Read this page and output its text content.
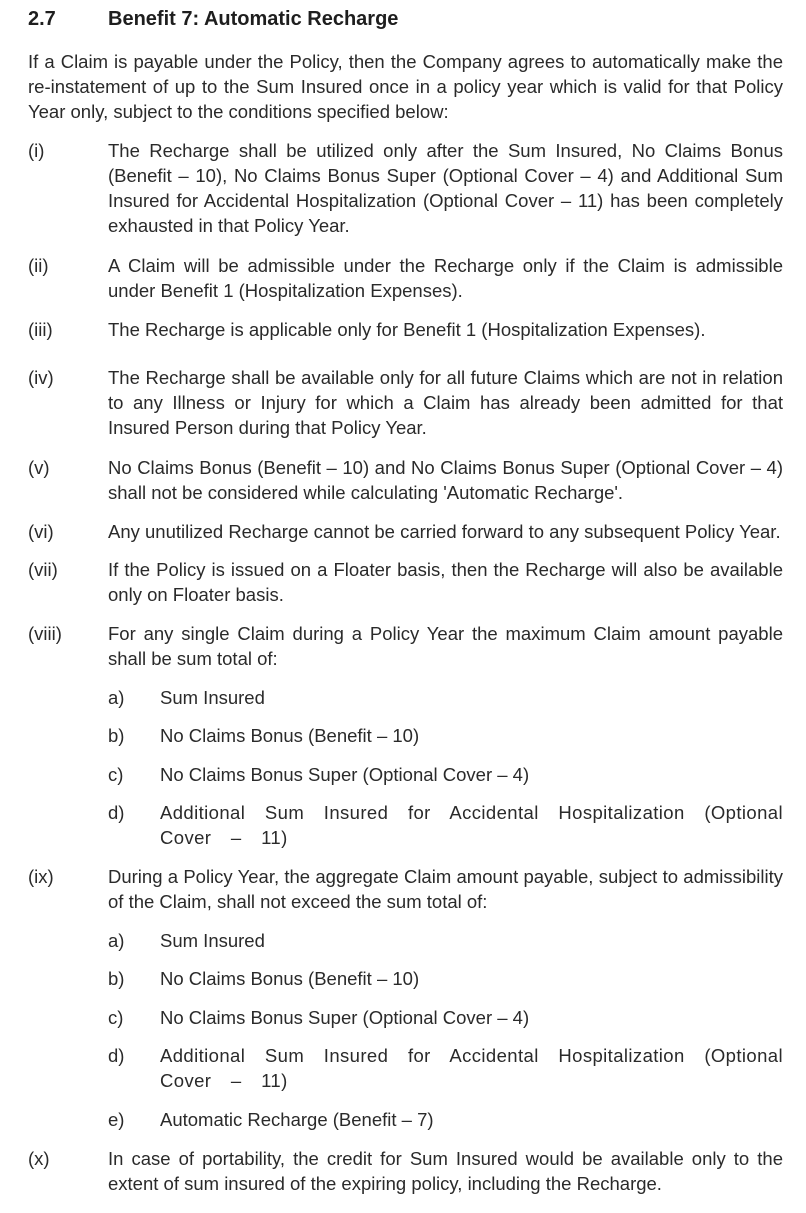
2.7	Benefit 7: Automatic Recharge
If a Claim is payable under the Policy, then the Company agrees to automatically make the re-instatement of up to the Sum Insured once in a policy year which is valid for that Policy Year only, subject to the conditions specified below:
(i)	The Recharge shall be utilized only after the Sum Insured, No Claims Bonus (Benefit – 10), No Claims Bonus Super (Optional Cover – 4) and Additional Sum Insured for Accidental Hospitalization (Optional Cover – 11) has been completely exhausted in that Policy Year.
(ii)	A Claim will be admissible under the Recharge only if the Claim is admissible under Benefit 1 (Hospitalization Expenses).
(iii)	The Recharge is applicable only for Benefit 1 (Hospitalization Expenses).
(iv)	The Recharge shall be available only for all future Claims which are not in relation to any Illness or Injury for which a Claim has already been admitted for that Insured Person during that Policy Year.
(v)	No Claims Bonus (Benefit – 10) and No Claims Bonus Super (Optional Cover – 4) shall not be considered while calculating 'Automatic Recharge'.
(vi)	Any unutilized Recharge cannot be carried forward to any subsequent Policy Year.
(vii)	If the Policy is issued on a Floater basis, then the Recharge will also be available only on Floater basis.
(viii)	For any single Claim during a Policy Year the maximum Claim amount payable shall be sum total of:
a)	Sum Insured
b)	No Claims Bonus (Benefit – 10)
c)	No Claims Bonus Super (Optional Cover – 4)
d)	Additional Sum Insured for Accidental Hospitalization (Optional Cover – 11)
(ix)	During a Policy Year, the aggregate Claim amount payable, subject to admissibility of the Claim, shall not exceed the sum total of:
a)	Sum Insured
b)	No Claims Bonus (Benefit – 10)
c)	No Claims Bonus Super (Optional Cover – 4)
d)	Additional Sum Insured for Accidental Hospitalization (Optional Cover – 11)
e)	Automatic Recharge (Benefit – 7)
(x)	In case of portability, the credit for Sum Insured would be available only to the extent of sum insured of the expiring policy, including the Recharge.
